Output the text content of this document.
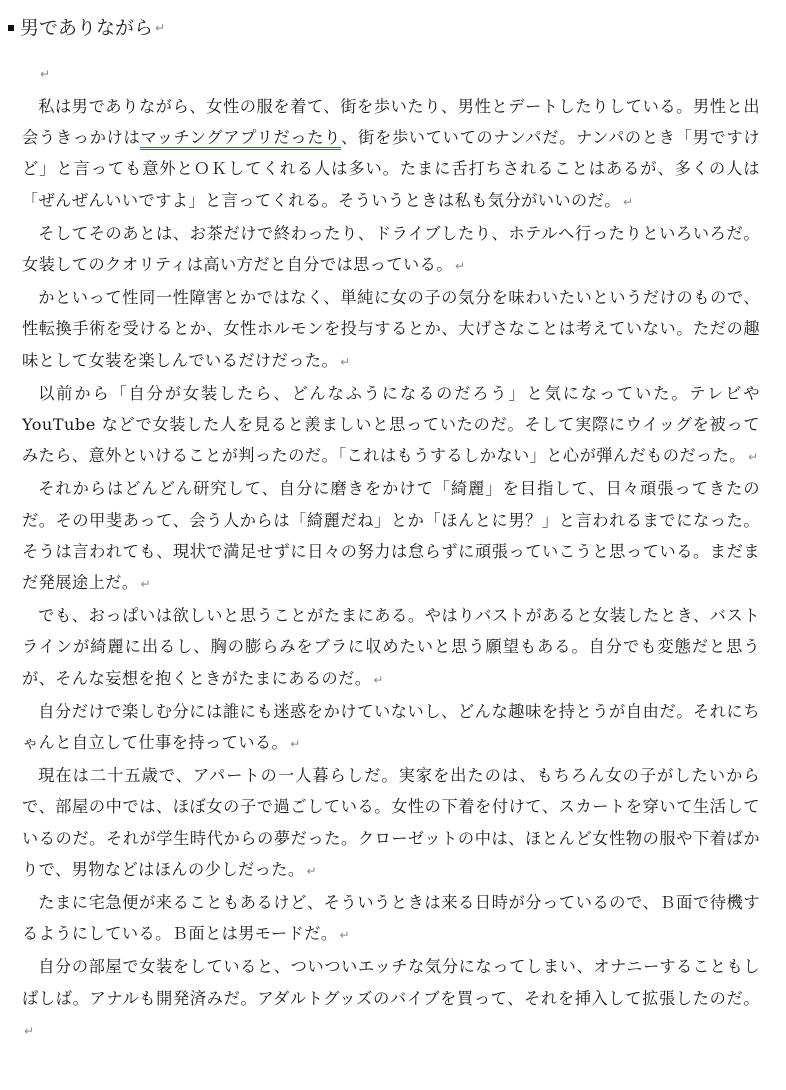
男でありながら ↵
↵

私は男でありながら、女性の服を着て、街を歩いたり、男性とデートしたりしている。男性と出会うきっかけはマッチングアプリだったり、街を歩いていてのナンパだ。ナンパのとき「男ですけど」と言っても意外とＯＫしてくれる人は多い。たまに舌打ちされることはあるが、多くの人は「ぜんぜんいいですよ」と言ってくれる。そういうときは私も気分がいいのだ。 ↵

そしてそのあとは、お茶だけで終わったり、ドライブしたり、ホテルへ行ったりといろいろだ。女装してのクオリティは高い方だと自分では思っている。 ↵

かといって性同一性障害とかではなく、単純に女の子の気分を味わいたいというだけのもので、性転換手術を受けるとか、女性ホルモンを投与するとか、大げさなことは考えていない。ただの趣味として女装を楽しんでいるだけだった。 ↵

以前から「自分が女装したら、どんなふうになるのだろう」と気になっていた。テレビやYouTube などで女装した人を見ると羨ましいと思っていたのだ。そして実際にウイッグを被ってみたら、意外といけることが判ったのだ。「これはもうするしかない」と心が弾んだものだった。 ↵

それからはどんどん研究して、自分に磨きをかけて「綺麗」を目指して、日々頑張ってきたのだ。その甲斐あって、会う人からは「綺麗だね」とか「ほんとに男？」と言われるまでになった。そうは言われても、現状で満足せずに日々の努力は怠らずに頑張っていこうと思っている。まだまだ発展途上だ。 ↵

でも、おっぱいは欲しいと思うことがたまにある。やはりバストがあると女装したとき、バストラインが綺麗に出るし、胸の膨らみをブラに収めたいと思う願望もある。自分でも変態だと思うが、そんな妄想を抱くときがたまにあるのだ。 ↵

自分だけで楽しむ分には誰にも迷惑をかけていないし、どんな趣味を持とうが自由だ。それにちゃんと自立して仕事を持っている。 ↵

現在は二十五歳で、アパートの一人暮らしだ。実家を出たのは、もちろん女の子がしたいからで、部屋の中では、ほぼ女の子で過ごしている。女性の下着を付けて、スカートを穿いて生活しているのだ。それが学生時代からの夢だった。クローゼットの中は、ほとんど女性物の服や下着ばかりで、男物などはほんの少しだった。 ↵

たまに宅急便が来ることもあるけど、そういうときは来る日時が分っているので、Ｂ面で待機するようにしている。Ｂ面とは男モードだ。 ↵

自分の部屋で女装をしていると、ついついエッチな気分になってしまい、オナニーすることもしばしば。アナルも開発済みだ。アダルトグッズのバイブを買って、それを挿入して拡張したのだ。↵
